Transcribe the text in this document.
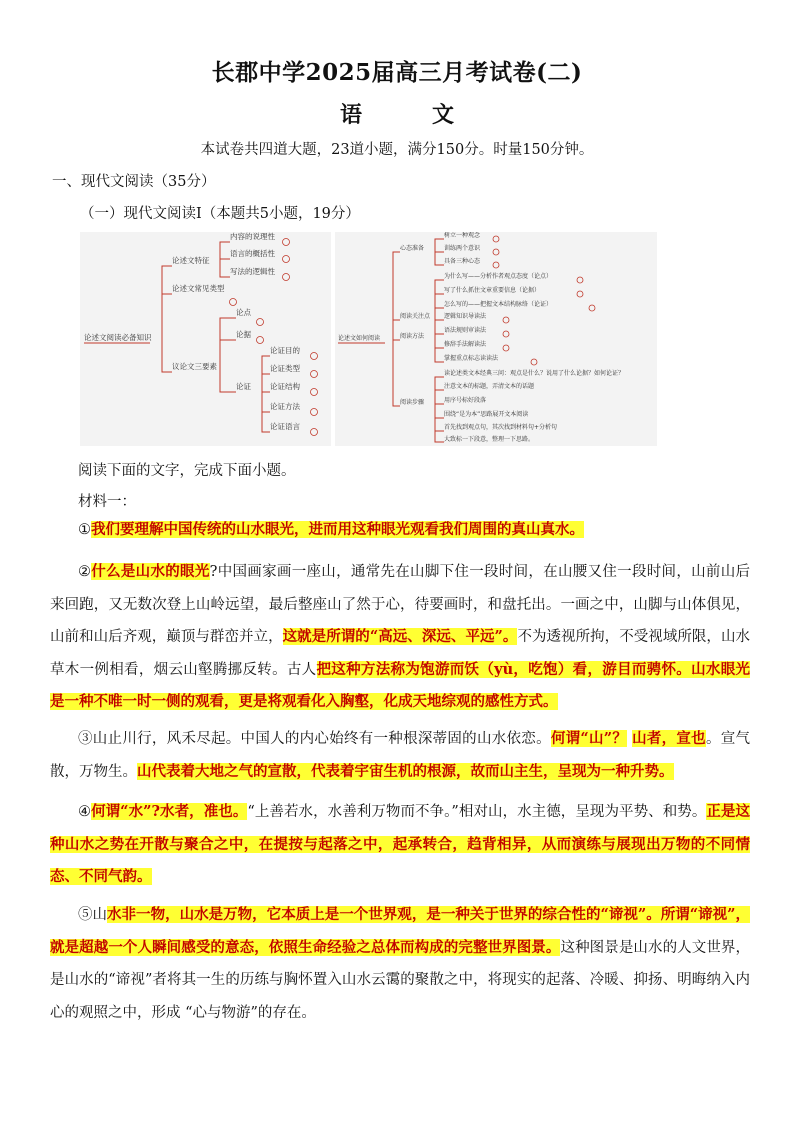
长郡中学2025届高三月考试卷(二)
语　文
本试卷共四道大题，23道小题，满分150分。时量150分钟。
一、现代文阅读（35分）
（一）现代文阅读Ⅰ（本题共5小题，19分）
论述文阅读必备知识
论述文特征
论述文常见类型
议论文三要素
内容的说理性
语言的概括性
写法的逻辑性
论点
论据
论证
论证目的
论证类型
论证结构
论证方法
论证语言
论述文如何阅读
心态准备
阅读关注点
阅读方法
阅读步骤
树立一种观念
训练两个意识
具备三种心态
为什么写——分析作者观点态度（论点）
写了什么抓住文章重要信息（论据）
怎么写的——把握文本结构脉络（论证）
逻辑知识导读法
语法规则审读法
修辞手法解读法
掌握重点标志读读法
读论述类文本经典三问：观点是什么？说用了什么论据？如何论证？
注意文本的标题，弄清文本的话题
用序号标好段落
围绕“是为本”思路展开文本阅读
首先找到观点句，其次找到材料句+分析句
大致标一下段意，整理一下思路。
阅读下面的文字，完成下面小题。
材料一：
①我们要理解中国传统的山水眼光，进而用这种眼光观看我们周围的真山真水。
②什么是山水的眼光?中国画家画一座山，通常先在山脚下住一段时间，在山腰又住一段时间，山前山后来回跑，又无数次登上山岭远望，最后整座山了然于心，待要画时，和盘托出。一画之中，山脚与山体俱见，山前和山后齐观，巅顶与群峦并立，这就是所谓的“高远、深远、平远”。不为透视所拘，不受视域所限，山水草木一例相看，烟云山壑腾挪反转。古人把这种方法称为饱游而饫（yù，吃饱）看，游目而骋怀。山水眼光是一种不唯一时一侧的观看，更是将观看化入胸壑，化成天地综观的感性方式。
③山止川行，风禾尽起。中国人的内心始终有一种根深蒂固的山水依恋。何谓“山”？ 山者，宣也。宣气散，万物生。山代表着大地之气的宣散，代表着宇宙生机的根源，故而山主生，呈现为一种升势。
④何谓“水”?水者，准也。“上善若水，水善利万物而不争。”相对山，水主德，呈现为平势、和势。正是这种山水之势在开散与聚合之中，在提按与起落之中，起承转合，趋背相异，从而演练与展现出万物的不同情态、不同气韵。
⑤山水非一物，山水是万物，它本质上是一个世界观，是一种关于世界的综合性的“谛视”。所谓“谛视”，就是超越一个人瞬间感受的意态，依照生命经验之总体而构成的完整世界图景。这种图景是山水的人文世界，是山水的“谛视”者将其一生的历练与胸怀置入山水云霭的聚散之中，将现实的起落、冷暖、抑扬、明晦纳入内心的观照之中，形成 “心与物游”的存在。
